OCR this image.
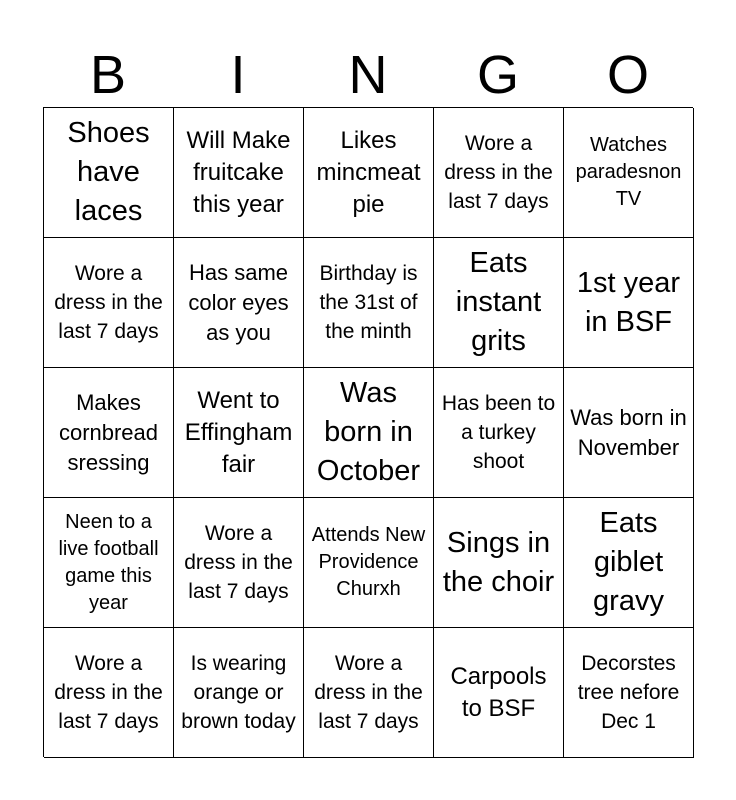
B	I	N	G	O
Shoes have laces
Will Make fruitcake this year
Likes mincmeat pie
Wore a dress in the last 7 days
Watches paradesnon TV
Wore a dress in the last 7 days
Has same color eyes as you
Birthday is the 31st of the minth
Eats instant grits
1st year in BSF
Makes cornbread sressing
Went to Effingham fair
Was born in October
Has been to a turkey shoot
Was born in November
Neen to a live football game this year
Wore a dress in the last 7 days
Attends New Providence Churxh
Sings in the choir
Eats giblet gravy
Wore a dress in the last 7 days
Is wearing orange or brown today
Wore a dress in the last 7 days
Carpools to BSF
Decorstes tree nefore Dec 1
